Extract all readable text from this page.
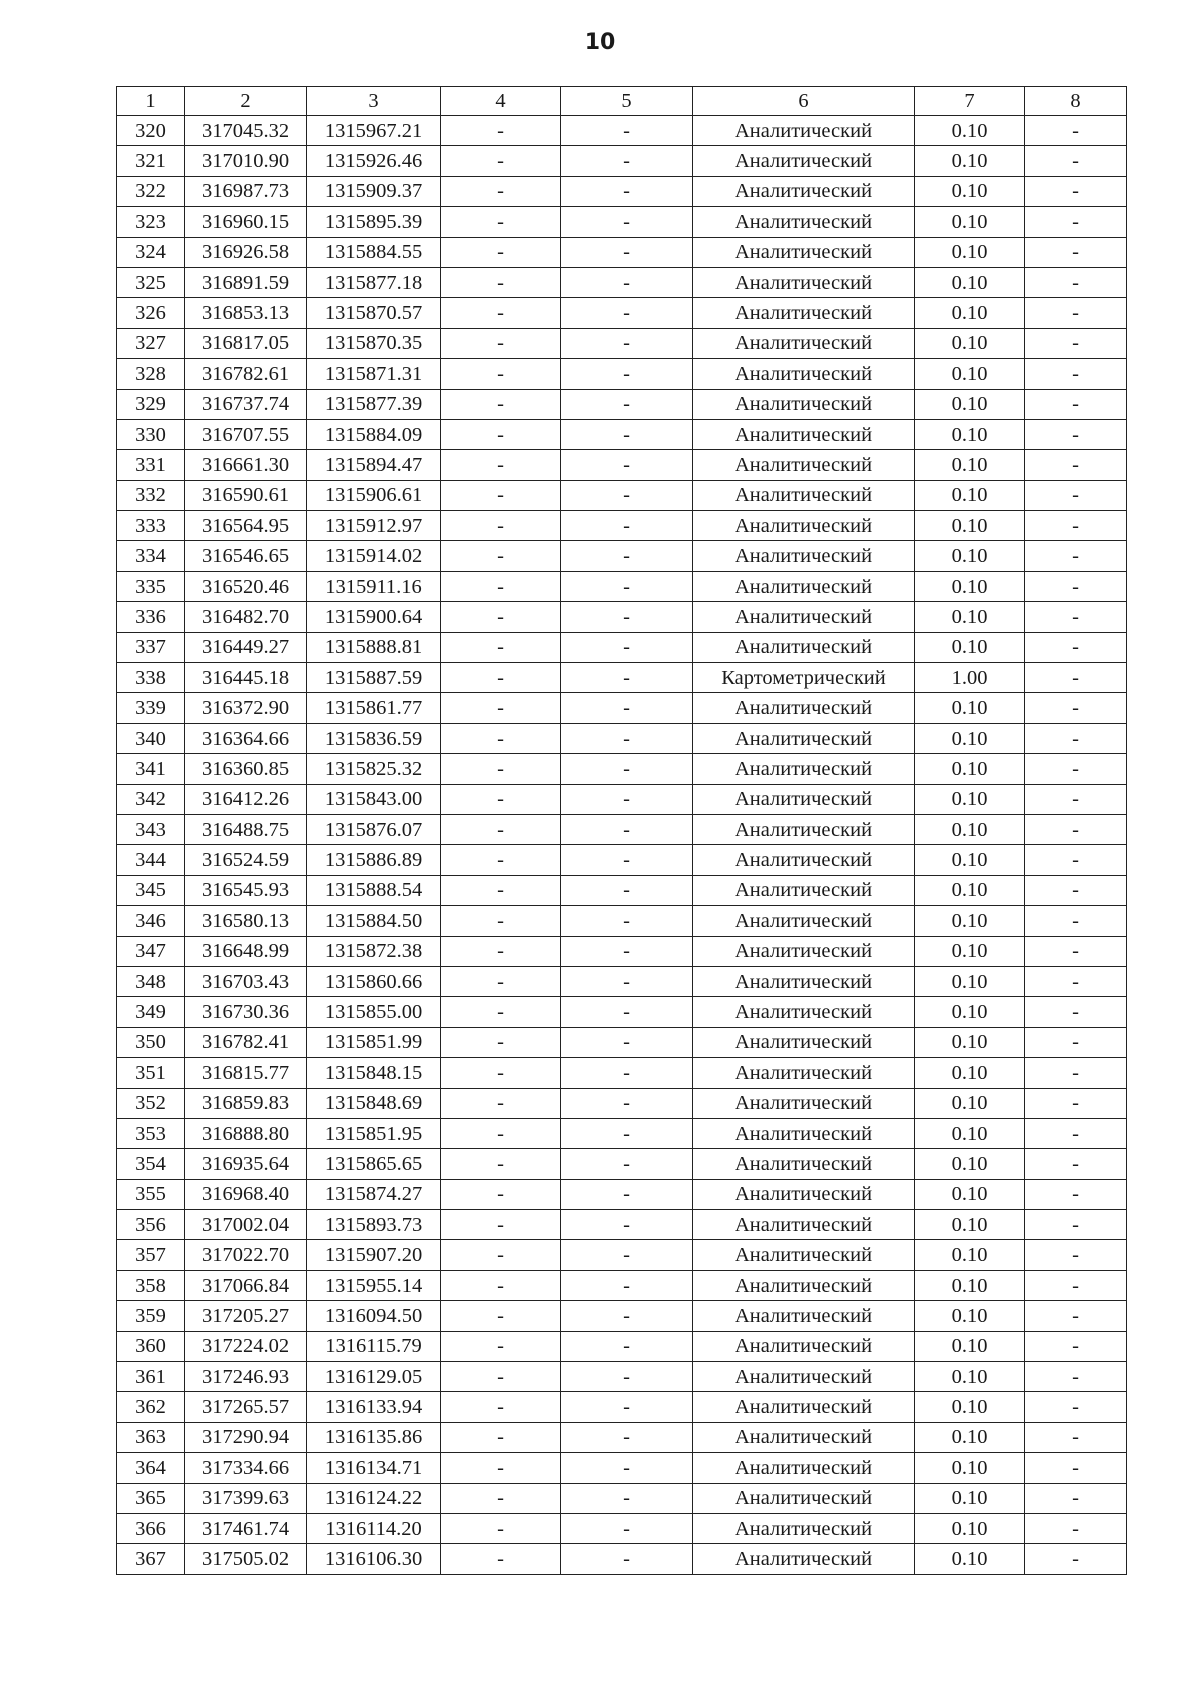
10
1	2	3	4	5	6	7	8
320	317045.32	1315967.21	-	-	Аналитический	0.10	-
321	317010.90	1315926.46	-	-	Аналитический	0.10	-
322	316987.73	1315909.37	-	-	Аналитический	0.10	-
323	316960.15	1315895.39	-	-	Аналитический	0.10	-
324	316926.58	1315884.55	-	-	Аналитический	0.10	-
325	316891.59	1315877.18	-	-	Аналитический	0.10	-
326	316853.13	1315870.57	-	-	Аналитический	0.10	-
327	316817.05	1315870.35	-	-	Аналитический	0.10	-
328	316782.61	1315871.31	-	-	Аналитический	0.10	-
329	316737.74	1315877.39	-	-	Аналитический	0.10	-
330	316707.55	1315884.09	-	-	Аналитический	0.10	-
331	316661.30	1315894.47	-	-	Аналитический	0.10	-
332	316590.61	1315906.61	-	-	Аналитический	0.10	-
333	316564.95	1315912.97	-	-	Аналитический	0.10	-
334	316546.65	1315914.02	-	-	Аналитический	0.10	-
335	316520.46	1315911.16	-	-	Аналитический	0.10	-
336	316482.70	1315900.64	-	-	Аналитический	0.10	-
337	316449.27	1315888.81	-	-	Аналитический	0.10	-
338	316445.18	1315887.59	-	-	Картометрический	1.00	-
339	316372.90	1315861.77	-	-	Аналитический	0.10	-
340	316364.66	1315836.59	-	-	Аналитический	0.10	-
341	316360.85	1315825.32	-	-	Аналитический	0.10	-
342	316412.26	1315843.00	-	-	Аналитический	0.10	-
343	316488.75	1315876.07	-	-	Аналитический	0.10	-
344	316524.59	1315886.89	-	-	Аналитический	0.10	-
345	316545.93	1315888.54	-	-	Аналитический	0.10	-
346	316580.13	1315884.50	-	-	Аналитический	0.10	-
347	316648.99	1315872.38	-	-	Аналитический	0.10	-
348	316703.43	1315860.66	-	-	Аналитический	0.10	-
349	316730.36	1315855.00	-	-	Аналитический	0.10	-
350	316782.41	1315851.99	-	-	Аналитический	0.10	-
351	316815.77	1315848.15	-	-	Аналитический	0.10	-
352	316859.83	1315848.69	-	-	Аналитический	0.10	-
353	316888.80	1315851.95	-	-	Аналитический	0.10	-
354	316935.64	1315865.65	-	-	Аналитический	0.10	-
355	316968.40	1315874.27	-	-	Аналитический	0.10	-
356	317002.04	1315893.73	-	-	Аналитический	0.10	-
357	317022.70	1315907.20	-	-	Аналитический	0.10	-
358	317066.84	1315955.14	-	-	Аналитический	0.10	-
359	317205.27	1316094.50	-	-	Аналитический	0.10	-
360	317224.02	1316115.79	-	-	Аналитический	0.10	-
361	317246.93	1316129.05	-	-	Аналитический	0.10	-
362	317265.57	1316133.94	-	-	Аналитический	0.10	-
363	317290.94	1316135.86	-	-	Аналитический	0.10	-
364	317334.66	1316134.71	-	-	Аналитический	0.10	-
365	317399.63	1316124.22	-	-	Аналитический	0.10	-
366	317461.74	1316114.20	-	-	Аналитический	0.10	-
367	317505.02	1316106.30	-	-	Аналитический	0.10	-
